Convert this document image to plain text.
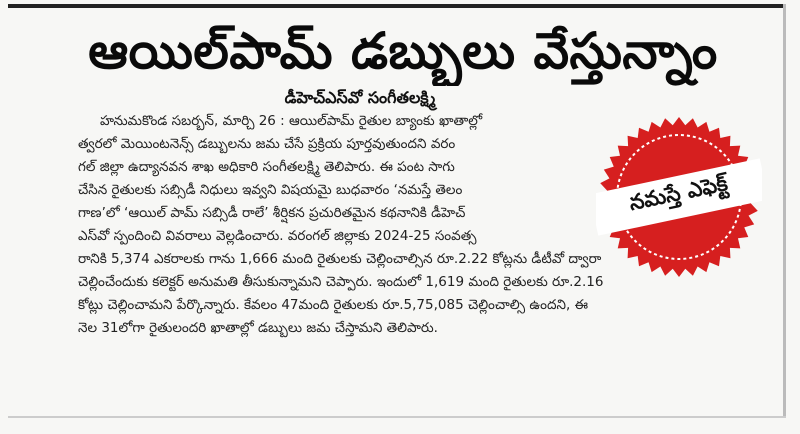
ఆయిల్‌పామ్‌ డబ్బులు వేస్తున్నాం
డీహెచ్‌ఎస్‌వో సంగీతలక్ష్మి
హనుమకొండ సబర్బన్‌, మార్చి 26 : ఆయిల్‌పామ్‌ రైతుల బ్యాంకు ఖాతాల్లో
త్వరలో మెయింటనెన్స్‌ డబ్బులను జమ చేసే ప్రక్రియ పూర్తవుతుందని వరం
గల్‌ జిల్లా ఉద్యానవన శాఖ అధికారి సంగీతలక్ష్మి తెలిపారు. ఈ పంట సాగు
చేసిన రైతులకు సబ్సిడీ నిధులు ఇవ్వని విషయమై బుధవారం ‘నమస్తే తెలం
గాణ’లో ‘ఆయిల్‌ పామ్‌ సబ్సిడీ రాలే’ శీర్షికన ప్రచురితమైన కథనానికి డీహెచ్‌
ఎస్‌వో స్పందించి వివరాలు వెల్లడించారు. వరంగల్‌ జిల్లాకు 2024-25 సంవత్స
రానికి 5,374 ఎకరాలకు గాను 1,666 మంది రైతులకు చెల్లించాల్సిన రూ.2.22 కోట్లను డీటీవో ద్వారా
చెల్లించేందుకు కలెక్టర్‌ అనుమతి తీసుకున్నామని చెప్పారు. ఇందులో 1,619 మంది రైతులకు రూ.2.16
కోట్లు చెల్లించామని పేర్కొన్నారు. కేవలం 47మంది రైతులకు రూ.5,75,085 చెల్లించాల్సి ఉందని, ఈ
నెల 31లోగా రైతులందరి ఖాతాల్లో డబ్బులు జమ చేస్తామని తెలిపారు.
నమస్తే ఎఫెక్ట్‌
